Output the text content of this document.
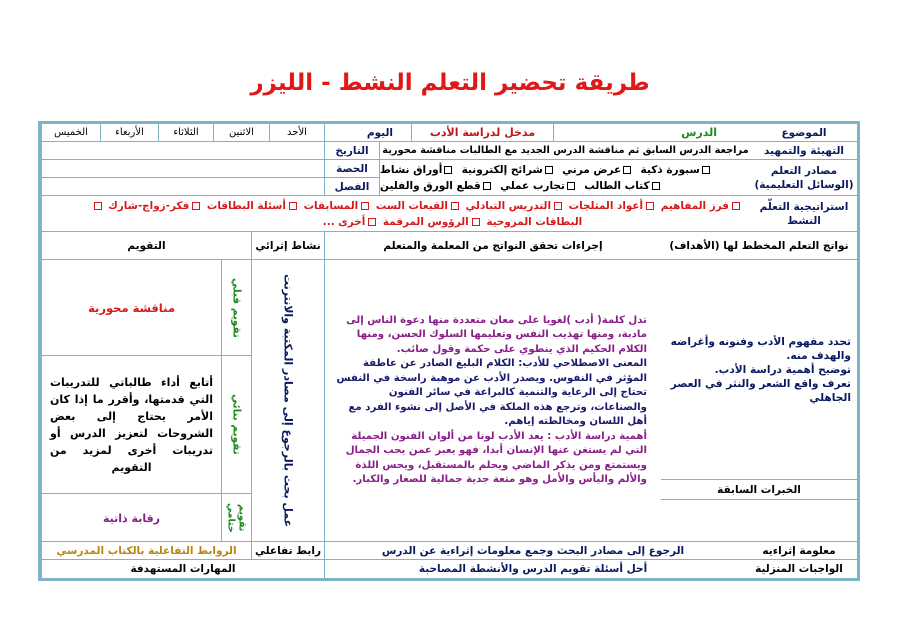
طريقة تحضير التعلم النشط - الليزر
الموضوع
الدرس
مدخل لدراسة الأدب
اليوم
الأحد
الاثنين
الثلاثاء
الأربعاء
الخميس
التهيئة والتمهيد
مراجعة الدرس السابق ثم مناقشة الدرس الجديد مع الطالبات مناقشة محورية
التاريخ
مصادر التعلم
(الوسائل التعليمية)
سبورة ذكية  عرض مرني  شرائح إلكترونية  أوراق نشاط
كتاب الطالب  تجارب عملي  قطع الورق والفلين
الحصة
الفصل
استراتيجية التعلّم
النشط
فرز المفاهيم أعواد المثلجات التدريس التبادلي القبعات الست المسابقات أسئلة البطاقات فكر-زواج-شارك
البطاقات المروحية الرؤوس المرقمة أخرى ...
نواتج التعلم المخطط لها (الأهداف)
إجراءات تحقق النواتج من المعلمة والمتعلم
نشاط إثرائي
التقويم
تحدد مفهوم الأدب وفنونه وأغراضه والهدف منه.
توضيح أهمية دراسة الأدب.
تعرف واقع الشعر والنثر في العصر الجاهلي
الخبرات السابقة

تدل كلمة( أدب )لغويا على معان متعددة منها دعوة الناس إلى مادبة، ومنها تهذيب النفس وتعليمها السلوك الحسن، ومنها الكلام الحكيم الذي ينطوي على حكمة وقول صائب.

المعنى الاصطلاحي للأدب: الكلام البليغ الصادر عن عاطفة المؤثر في النفوس. ويصدر الأدب عن موهبة راسخة في النفس تحتاج إلى الرعاية والتنمية كالبراعة في سائر الفنون والصناعات، وترجع هذه الملكة في الأصل إلى نشوء الفرد مع أهل اللسان ومخالطته إياهم.

أهمية دراسة الأدب : يعد الأدب لونا من ألوان الفنون الجميلة التي لم يستغن عنها الإنسان أبدا، فهو يعبر عمن يحب الجمال ويستمتع ومن يذكر الماضي ويحلم بالمستقبل، ويحس اللذة والألم واليأس والأمل وهو متعة جدية جمالية للصغار والكبار.

عمل بحث بالرجوع إلى مصادر المكتبة والانترنت
تقويم قبلي
مناقشة محورية
تقويم بنائي
أتابع أداء طالباتي للتدريبات التي قدمتها، وأقرر ما إذا كان الأمر يحتاج إلى بعض الشروحات لتعزيز الدرس أو تدريبات أخرى لمزيد من التقويم
تقويم ختامي
رقابة ذاتية
معلومة إثراءيه
الرجوع إلى مصادر البحث وجمع معلومات إثراءية عن الدرس
رابط تفاعلي
الروابط التفاعلية بالكتاب المدرسي
الواجبات المنزلية
أحل أسئلة تقويم الدرس والأنشطة المصاحبة
المهارات المستهدفة
